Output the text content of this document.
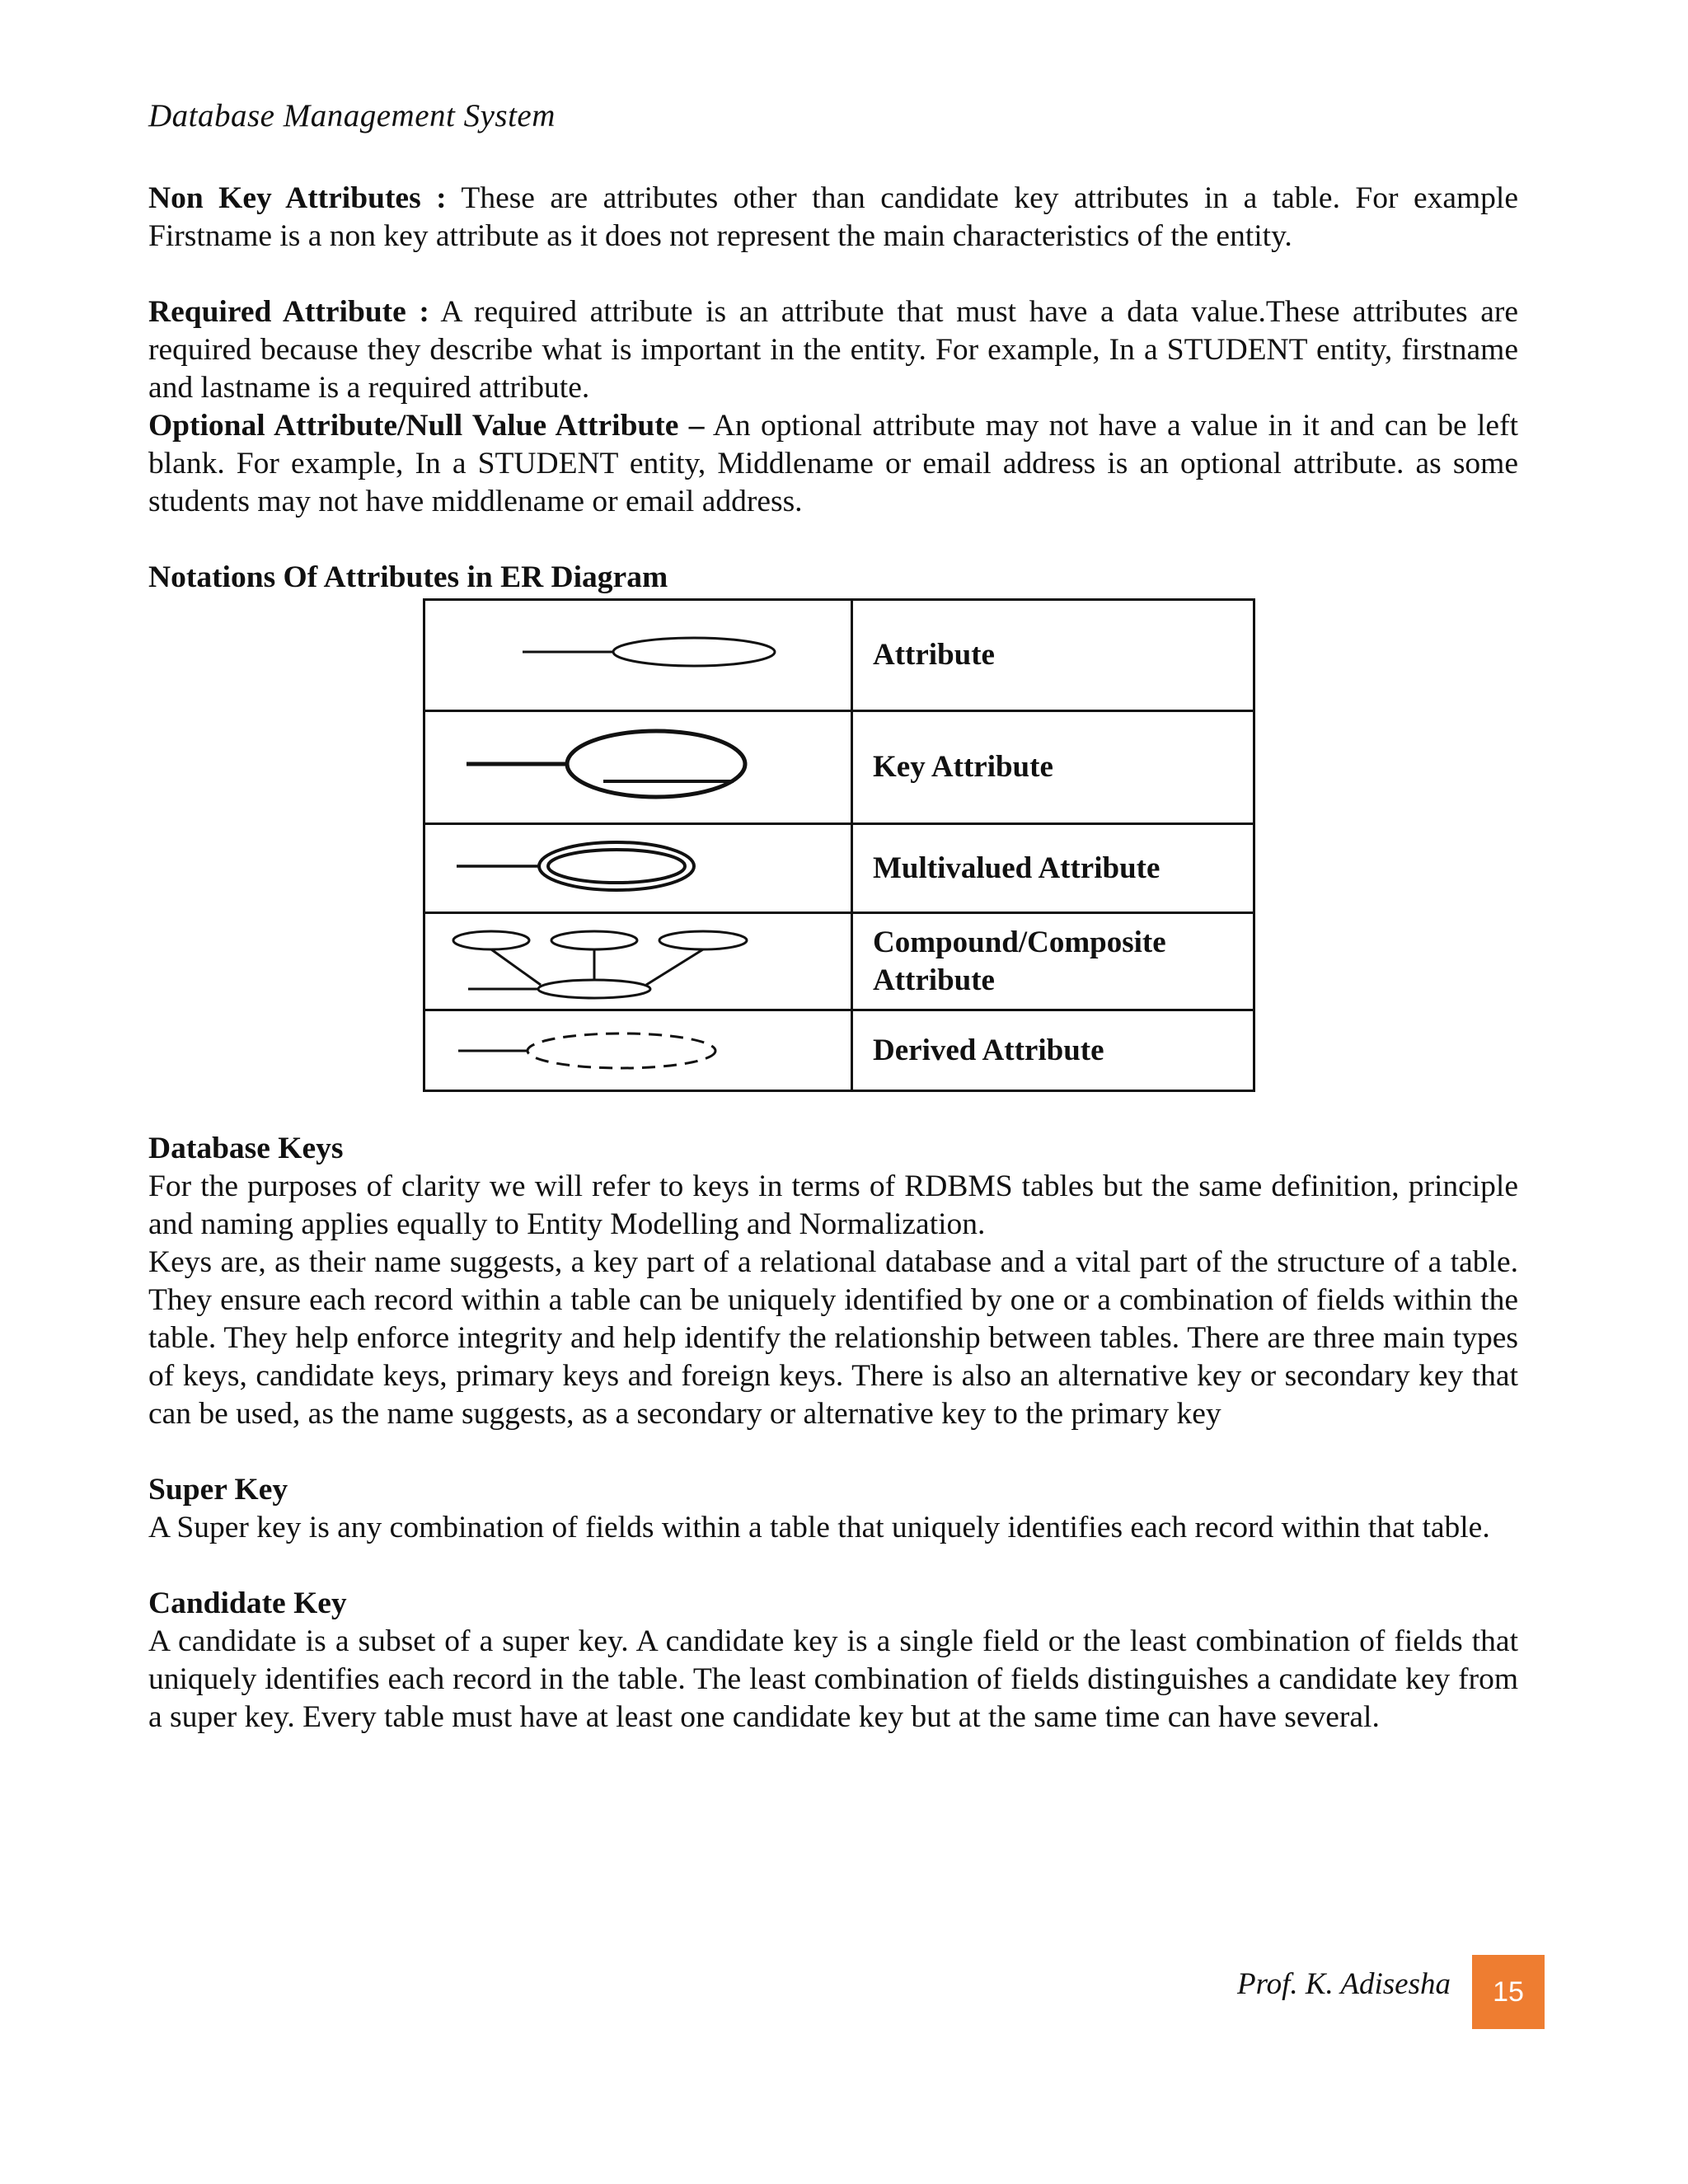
Database Management System

Non Key Attributes : These are attributes other than candidate key attributes in a table. For example Firstname is a non key attribute as it does not represent the main characteristics of the entity.

Required Attribute : A required attribute is an attribute that must have a data value.These attributes are required because they describe what is important in the entity. For example, In a STUDENT entity, firstname and lastname is a required attribute.

Optional Attribute/Null Value Attribute – An optional attribute may not have a value in it and can be left blank. For example, In a STUDENT entity, Middlename or email address is an optional attribute. as some students may not have middlename or email address.

Notations Of Attributes in ER Diagram

	Attribute

	Key Attribute

	Multivalued Attribute

	Compound/Composite Attribute

	Derived Attribute

Database Keys

For the purposes of clarity we will refer to keys in terms of RDBMS tables but the same definition, principle and naming applies equally to Entity Modelling and Normalization.

Keys are, as their name suggests, a key part of a relational database and a vital part of the structure of a table. They ensure each record within a table can be uniquely identified by one or a combination of fields within the table. They help enforce integrity and help identify the relationship between tables. There are three main types of keys, candidate keys, primary keys and foreign keys. There is also an alternative key or secondary key that can be used, as the name suggests, as a secondary or alternative key to the primary key

Super Key

A Super key is any combination of fields within a table that uniquely identifies each record within that table.

Candidate Key

A candidate is a subset of a super key. A candidate key is a single field or the least combination of fields that uniquely identifies each record in the table. The least combination of fields distinguishes a candidate key from a super key. Every table must have at least one candidate key but at the same time can have several.

Prof. K. Adisesha	15
